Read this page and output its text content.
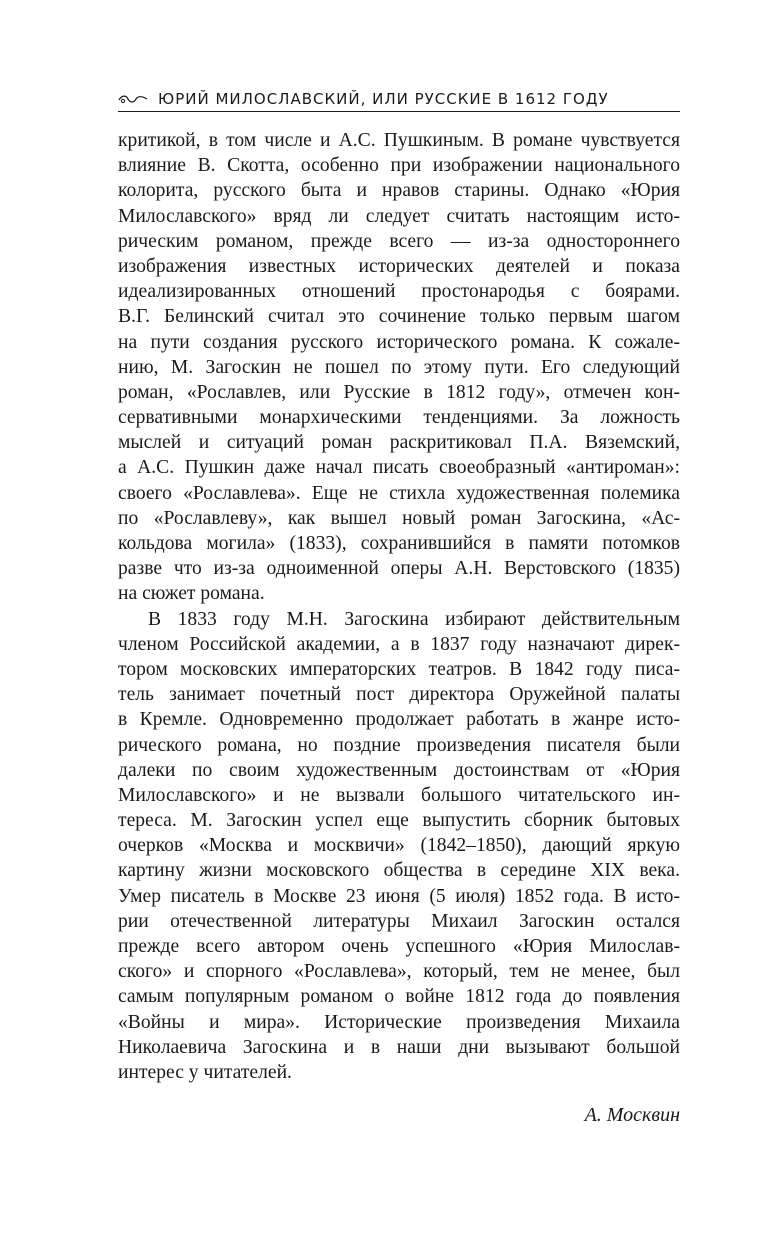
ЮРИЙ МИЛОСЛАВСКИЙ, ИЛИ РУССКИЕ В 1612 ГОДУ
критикой, в том числе и А.С. Пушкиным. В романе чувствуется
влияние В. Скотта, особенно при изображении национального
колорита, русского быта и нравов старины. Однако «Юрия
Милославского» вряд ли следует считать настоящим исто-
рическим романом, прежде всего — из-за одностороннего
изображения известных исторических деятелей и показа
идеализированных отношений простонародья с боярами.
В.Г. Белинский считал это сочинение только первым шагом
на пути создания русского исторического романа. К сожале-
нию, М. Загоскин не пошел по этому пути. Его следующий
роман, «Рославлев, или Русские в 1812 году», отмечен кон-
сервативными монархическими тенденциями. За ложность
мыслей и ситуаций роман раскритиковал П.А. Вяземский,
а А.С. Пушкин даже начал писать своеобразный «антироман»:
своего «Рославлева». Еще не стихла художественная полемика
по «Рославлеву», как вышел новый роман Загоскина, «Ас-
кольдова могила» (1833), сохранившийся в памяти потомков
разве что из-за одноименной оперы А.Н. Верстовского (1835)
на сюжет романа.
В 1833 году М.Н. Загоскина избирают действительным
членом Российской академии, а в 1837 году назначают дирек-
тором московских императорских театров. В 1842 году писа-
тель занимает почетный пост директора Оружейной палаты
в Кремле. Одновременно продолжает работать в жанре исто-
рического романа, но поздние произведения писателя были
далеки по своим художественным достоинствам от «Юрия
Милославского» и не вызвали большого читательского ин-
тереса. М. Загоскин успел еще выпустить сборник бытовых
очерков «Москва и москвичи» (1842–1850), дающий яркую
картину жизни московского общества в середине XIX века.
Умер писатель в Москве 23 июня (5 июля) 1852 года. В исто-
рии отечественной литературы Михаил Загоскин остался
прежде всего автором очень успешного «Юрия Милослав-
ского» и спорного «Рославлева», который, тем не менее, был
самым популярным романом о войне 1812 года до появления
«Войны и мира». Исторические произведения Михаила
Николаевича Загоскина и в наши дни вызывают большой
интерес у читателей.
А. Москвин
